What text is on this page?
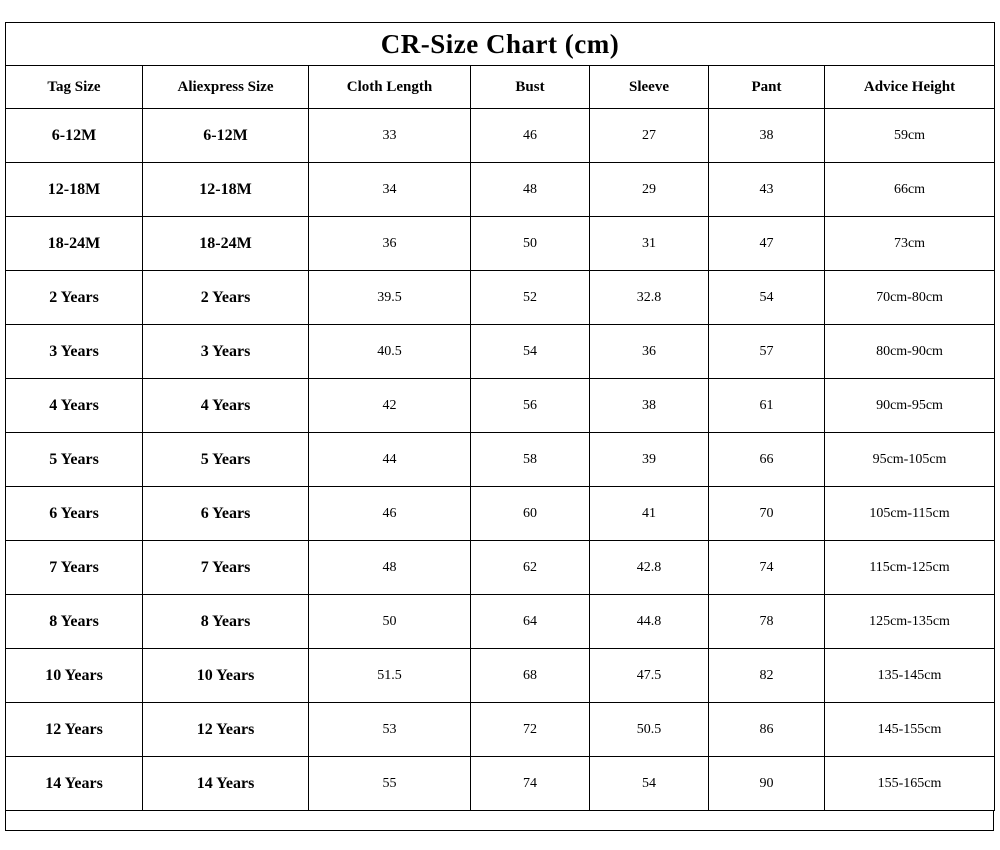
CR-Size Chart (cm)						
Tag Size	Aliexpress Size	Cloth Length	Bust	Sleeve	Pant	Advice Height
6-12M	6-12M	33	46	27	38	59cm
12-18M	12-18M	34	48	29	43	66cm
18-24M	18-24M	36	50	31	47	73cm
2 Years	2 Years	39.5	52	32.8	54	70cm-80cm
3 Years	3 Years	40.5	54	36	57	80cm-90cm
4 Years	4 Years	42	56	38	61	90cm-95cm
5 Years	5 Years	44	58	39	66	95cm-105cm
6 Years	6 Years	46	60	41	70	105cm-115cm
7 Years	7 Years	48	62	42.8	74	115cm-125cm
8 Years	8 Years	50	64	44.8	78	125cm-135cm
10 Years	10 Years	51.5	68	47.5	82	135-145cm
12 Years	12 Years	53	72	50.5	86	145-155cm
14 Years	14 Years	55	74	54	90	155-165cm
